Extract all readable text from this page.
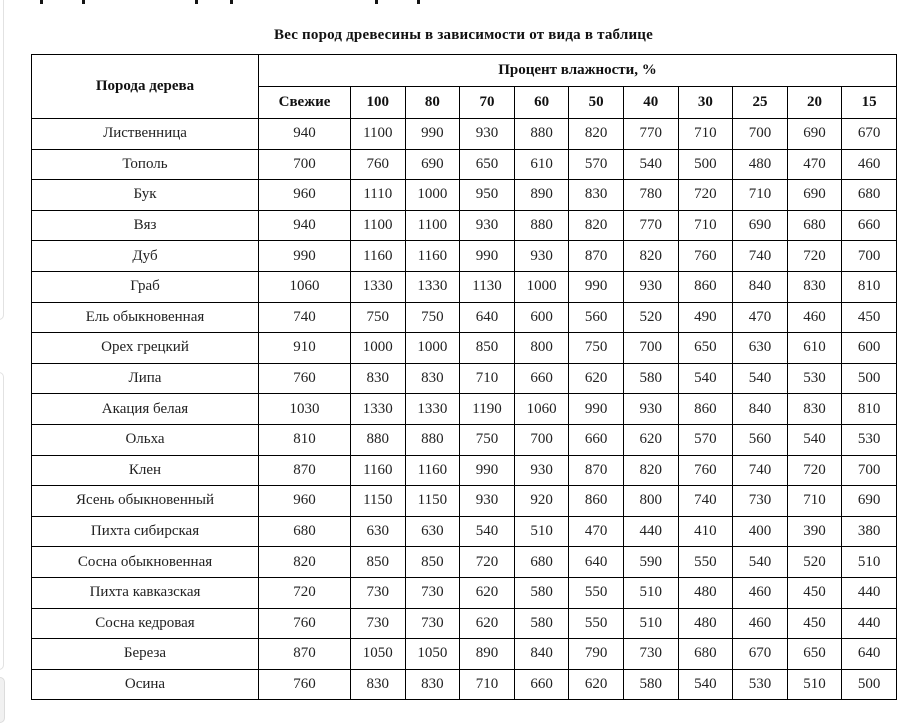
Вес пород древесины в зависимости от вида в таблице
Порода дерева	Процент влажности, %										
	Свежие	100	80	70	60	50	40	30	25	20	15
Лиственница	940	1100	990	930	880	820	770	710	700	690	670
Тополь	700	760	690	650	610	570	540	500	480	470	460
Бук	960	1110	1000	950	890	830	780	720	710	690	680
Вяз	940	1100	1100	930	880	820	770	710	690	680	660
Дуб	990	1160	1160	990	930	870	820	760	740	720	700
Граб	1060	1330	1330	1130	1000	990	930	860	840	830	810
Ель обыкновенная	740	750	750	640	600	560	520	490	470	460	450
Орех грецкий	910	1000	1000	850	800	750	700	650	630	610	600
Липа	760	830	830	710	660	620	580	540	540	530	500
Акация белая	1030	1330	1330	1190	1060	990	930	860	840	830	810
Ольха	810	880	880	750	700	660	620	570	560	540	530
Клен	870	1160	1160	990	930	870	820	760	740	720	700
Ясень обыкновенный	960	1150	1150	930	920	860	800	740	730	710	690
Пихта сибирская	680	630	630	540	510	470	440	410	400	390	380
Сосна обыкновенная	820	850	850	720	680	640	590	550	540	520	510
Пихта кавказская	720	730	730	620	580	550	510	480	460	450	440
Сосна кедровая	760	730	730	620	580	550	510	480	460	450	440
Береза	870	1050	1050	890	840	790	730	680	670	650	640
Осина	760	830	830	710	660	620	580	540	530	510	500
